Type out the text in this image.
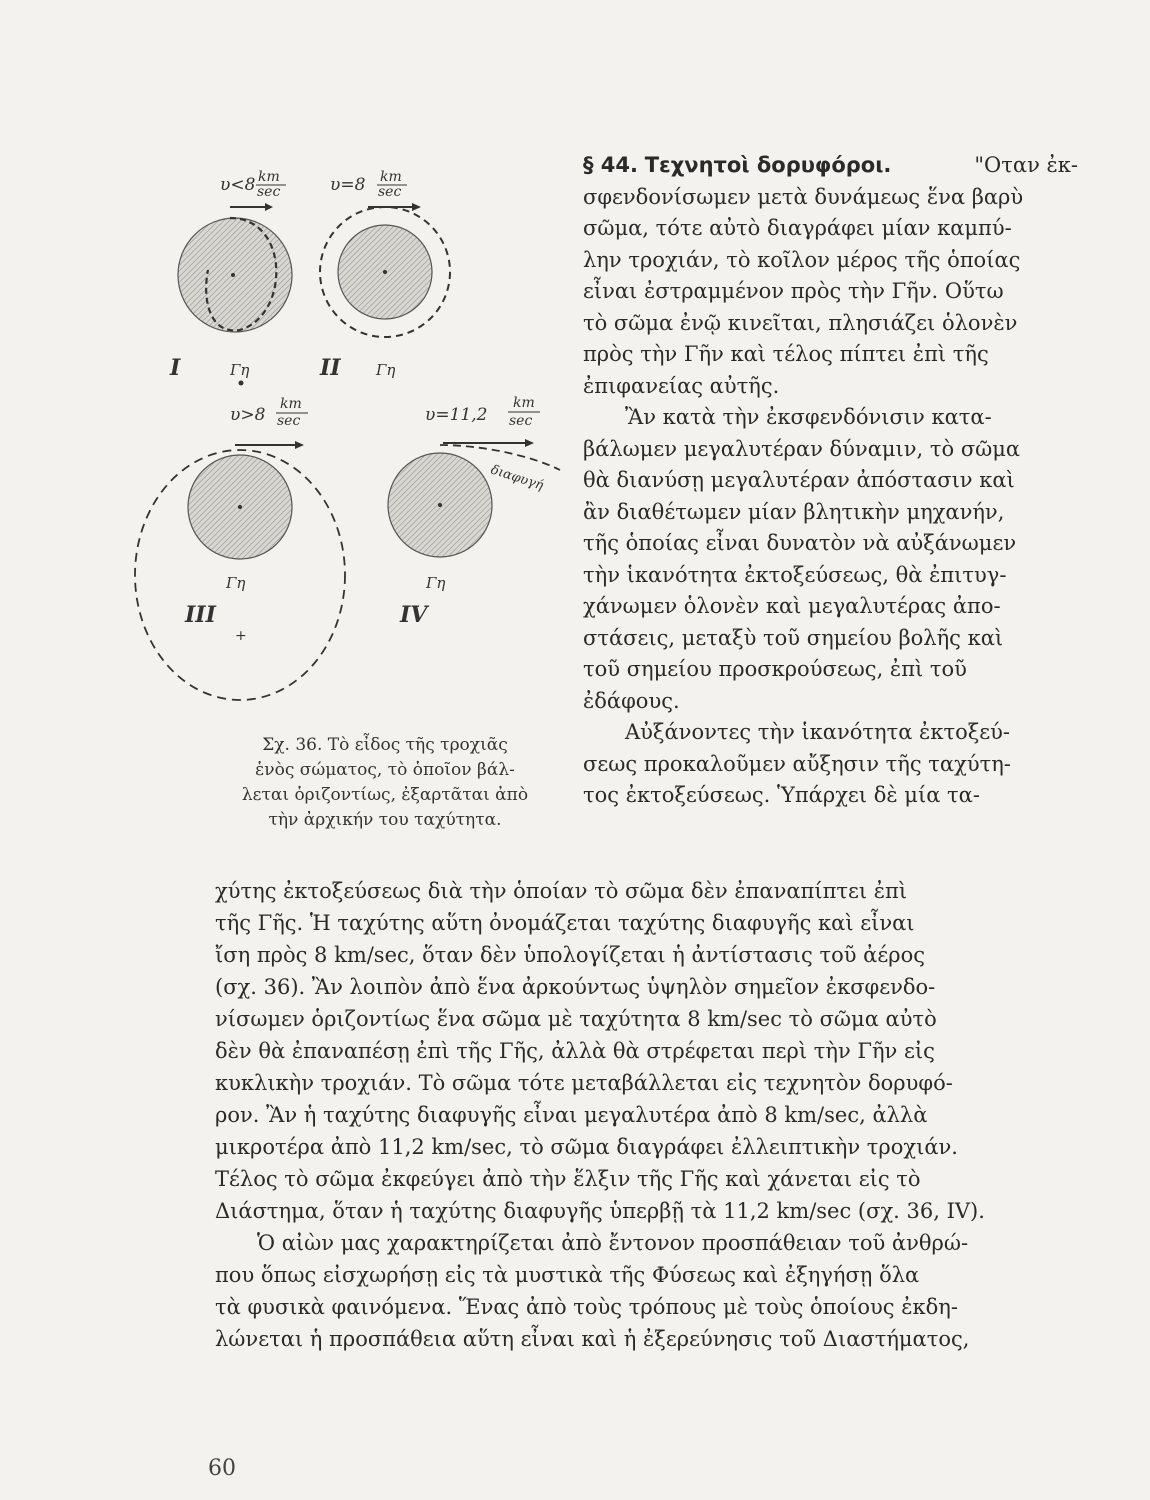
υ<8 km
sec
I	Γη
υ=8 km
sec
II Γη
υ>8
km
sec
Γη
III
+
υ=11,2
km
sec
διαφυγή
Γη
IV
Σχ. 36. Τὸ εἶδος τῆς τροχιᾶς
ἑνὸς σώματος, τὸ ὁποῖον βάλ-
λεται ὁριζοντίως, ἐξαρτᾶται ἀπὸ
τὴν ἀρχικήν του ταχύτητα.
§ 44. Τεχνητοὶ δορυφόροι.	"Οταν ἐκ-
σφενδονίσωμεν μετὰ δυνάμεως ἕνα βαρὺ
σῶμα, τότε αὐτὸ διαγράφει μίαν καμπύ-
λην τροχιάν, τὸ κοῖλον μέρος τῆς ὁποίας
εἶναι ἐστραμμένον πρὸς τὴν Γῆν. Οὕτω
τὸ σῶμα ἐνῷ κινεῖται, πλησιάζει ὁλονὲν
πρὸς τὴν Γῆν καὶ τέλος πίπτει ἐπὶ τῆς
ἐπιφανείας αὐτῆς.
Ἂν κατὰ τὴν ἐκσφενδόνισιν κατα-
βάλωμεν μεγαλυτέραν δύναμιν, τὸ σῶμα
θὰ διανύσῃ μεγαλυτέραν ἀπόστασιν καὶ
ἂν διαθέτωμεν μίαν βλητικὴν μηχανήν,
τῆς ὁποίας εἶναι δυνατὸν νὰ αὐξάνωμεν
τὴν ἱκανότητα ἐκτοξεύσεως, θὰ ἐπιτυγ-
χάνωμεν ὁλονὲν καὶ μεγαλυτέρας ἀπο-
στάσεις, μεταξὺ τοῦ σημείου βολῆς καὶ
τοῦ σημείου προσκρούσεως, ἐπὶ τοῦ
ἐδάφους.
Αὐξάνοντες τὴν ἱκανότητα ἐκτοξεύ-
σεως προκαλοῦμεν αὔξησιν τῆς ταχύτη-
τος ἐκτοξεύσεως. Ὑπάρχει δὲ μία τα-
χύτης ἐκτοξεύσεως διὰ τὴν ὁποίαν τὸ σῶμα δὲν ἐπαναπίπτει ἐπὶ
τῆς Γῆς. Ἡ ταχύτης αὕτη ὀνομάζεται ταχύτης διαφυγῆς καὶ εἶναι
ἴση πρὸς 8 km/sec, ὅταν δὲν ὑπολογίζεται ἡ ἀντίστασις τοῦ ἀέρος
(σχ. 36). Ἂν λοιπὸν ἀπὸ ἕνα ἀρκούντως ὑψηλὸν σημεῖον ἐκσφενδο-
νίσωμεν ὁριζοντίως ἕνα σῶμα μὲ ταχύτητα 8 km/sec τὸ σῶμα αὐτὸ
δὲν θὰ ἐπαναπέσῃ ἐπὶ τῆς Γῆς, ἀλλὰ θὰ στρέφεται περὶ τὴν Γῆν εἰς
κυκλικὴν τροχιάν. Τὸ σῶμα τότε μεταβάλλεται εἰς τεχνητὸν δορυφό-
ρον. Ἂν ἡ ταχύτης διαφυγῆς εἶναι μεγαλυτέρα ἀπὸ 8 km/sec, ἀλλὰ
μικροτέρα ἀπὸ 11,2 km/sec, τὸ σῶμα διαγράφει ἐλλειπτικὴν τροχιάν.
Τέλος τὸ σῶμα ἐκφεύγει ἀπὸ τὴν ἕλξιν τῆς Γῆς καὶ χάνεται εἰς τὸ
Διάστημα, ὅταν ἡ ταχύτης διαφυγῆς ὑπερβῇ τὰ 11,2 km/sec (σχ. 36, IV).
Ὁ αἰὼν μας χαρακτηρίζεται ἀπὸ ἔντονον προσπάθειαν τοῦ ἀνθρώ-
που ὅπως εἰσχωρήσῃ εἰς τὰ μυστικὰ τῆς Φύσεως καὶ ἐξηγήσῃ ὅλα
τὰ φυσικὰ φαινόμενα. Ἕνας ἀπὸ τοὺς τρόπους μὲ τοὺς ὁποίους ἐκδη-
λώνεται ἡ προσπάθεια αὕτη εἶναι καὶ ἡ ἐξερεύνησις τοῦ Διαστήματος,
60
